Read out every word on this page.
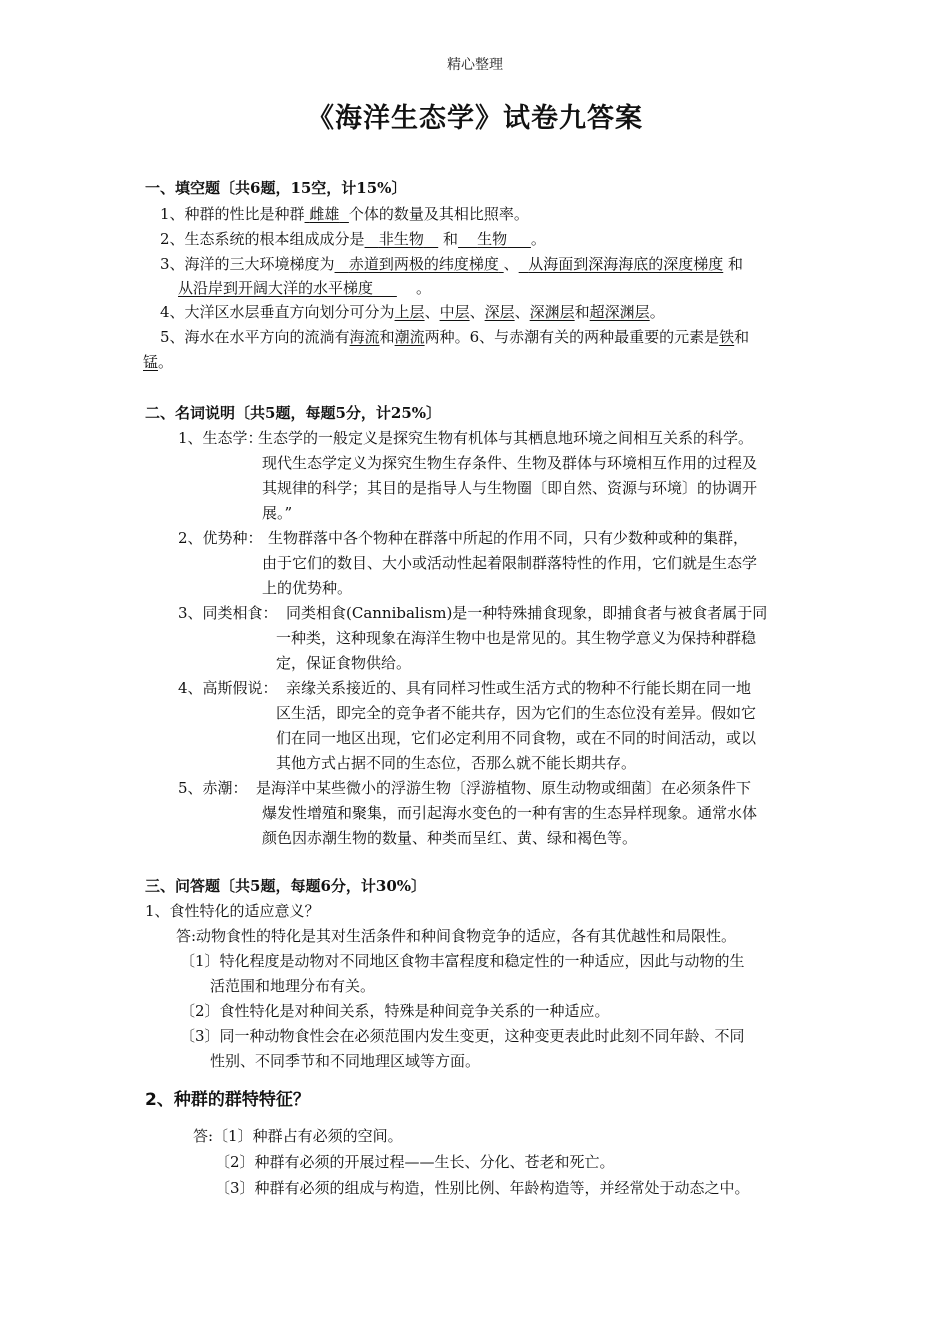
精心整理
《海洋生态学》试卷九答案
一、填空题〔共6题，15空，计15%〕
1、种群的性比是种群 雌雄 个体的数量及其相比照率。
2、生态系统的根本组成成分是 非生物 和 生物 。
3、海洋的三大环境梯度为 赤道到两极的纬度梯度 、 从海面到深海海底的深度梯度 和
从沿岸到开阔大洋的水平梯度	。
4、大洋区水层垂直方向划分可分为上层、中层、深层、深渊层和超深渊层。
5、海水在水平方向的流淌有海流和潮流两种。6、与赤潮有关的两种最重要的元素是铁和
锰。
二、名词说明〔共5题，每题5分，计25%〕
1、生态学：
生态学的一般定义是探究生物有机体与其栖息地环境之间相互关系的科学。
现代生态学定义为探究生物生存条件、生物及群体与环境相互作用的过程及
其规律的科学；其目的是指导人与生物圈〔即自然、资源与环境〕的协调开
展。”
2、优势种： 生物群落中各个物种在群落中所起的作用不同，只有少数种或种的集群，
由于它们的数目、大小或活动性起着限制群落特性的作用，它们就是生态学
上的优势种。
3、同类相食： 同类相食(Cannibalism)是一种特殊捕食现象，即捕食者与被食者属于同
一种类，这种现象在海洋生物中也是常见的。其生物学意义为保持种群稳
定，保证食物供给。
4、高斯假说： 亲缘关系接近的、具有同样习性或生活方式的物种不行能长期在同一地
区生活，即完全的竞争者不能共存，因为它们的生态位没有差异。假如它
们在同一地区出现，它们必定利用不同食物，或在不同的时间活动，或以
其他方式占据不同的生态位，否那么就不能长期共存。
5、赤潮： 是海洋中某些微小的浮游生物〔浮游植物、原生动物或细菌〕在必须条件下
爆发性增殖和聚集，而引起海水变色的一种有害的生态异样现象。通常水体
颜色因赤潮生物的数量、种类而呈红、黄、绿和褐色等。
三、问答题〔共5题，每题6分，计30%〕
1、食性特化的适应意义？
答:动物食性的特化是其对生活条件和种间食物竞争的适应，各有其优越性和局限性。
〔1〕特化程度是动物对不同地区食物丰富程度和稳定性的一种适应，因此与动物的生
活范围和地理分布有关。
〔2〕食性特化是对种间关系，特殊是种间竞争关系的一种适应。
〔3〕同一种动物食性会在必须范围内发生变更，这种变更表此时此刻不同年龄、不同
性别、不同季节和不同地理区域等方面。
2、种群的群特特征？
答:〔1〕种群占有必须的空间。
〔2〕种群有必须的开展过程——生长、分化、苍老和死亡。
〔3〕种群有必须的组成与构造，性别比例、年龄构造等，并经常处于动态之中。
